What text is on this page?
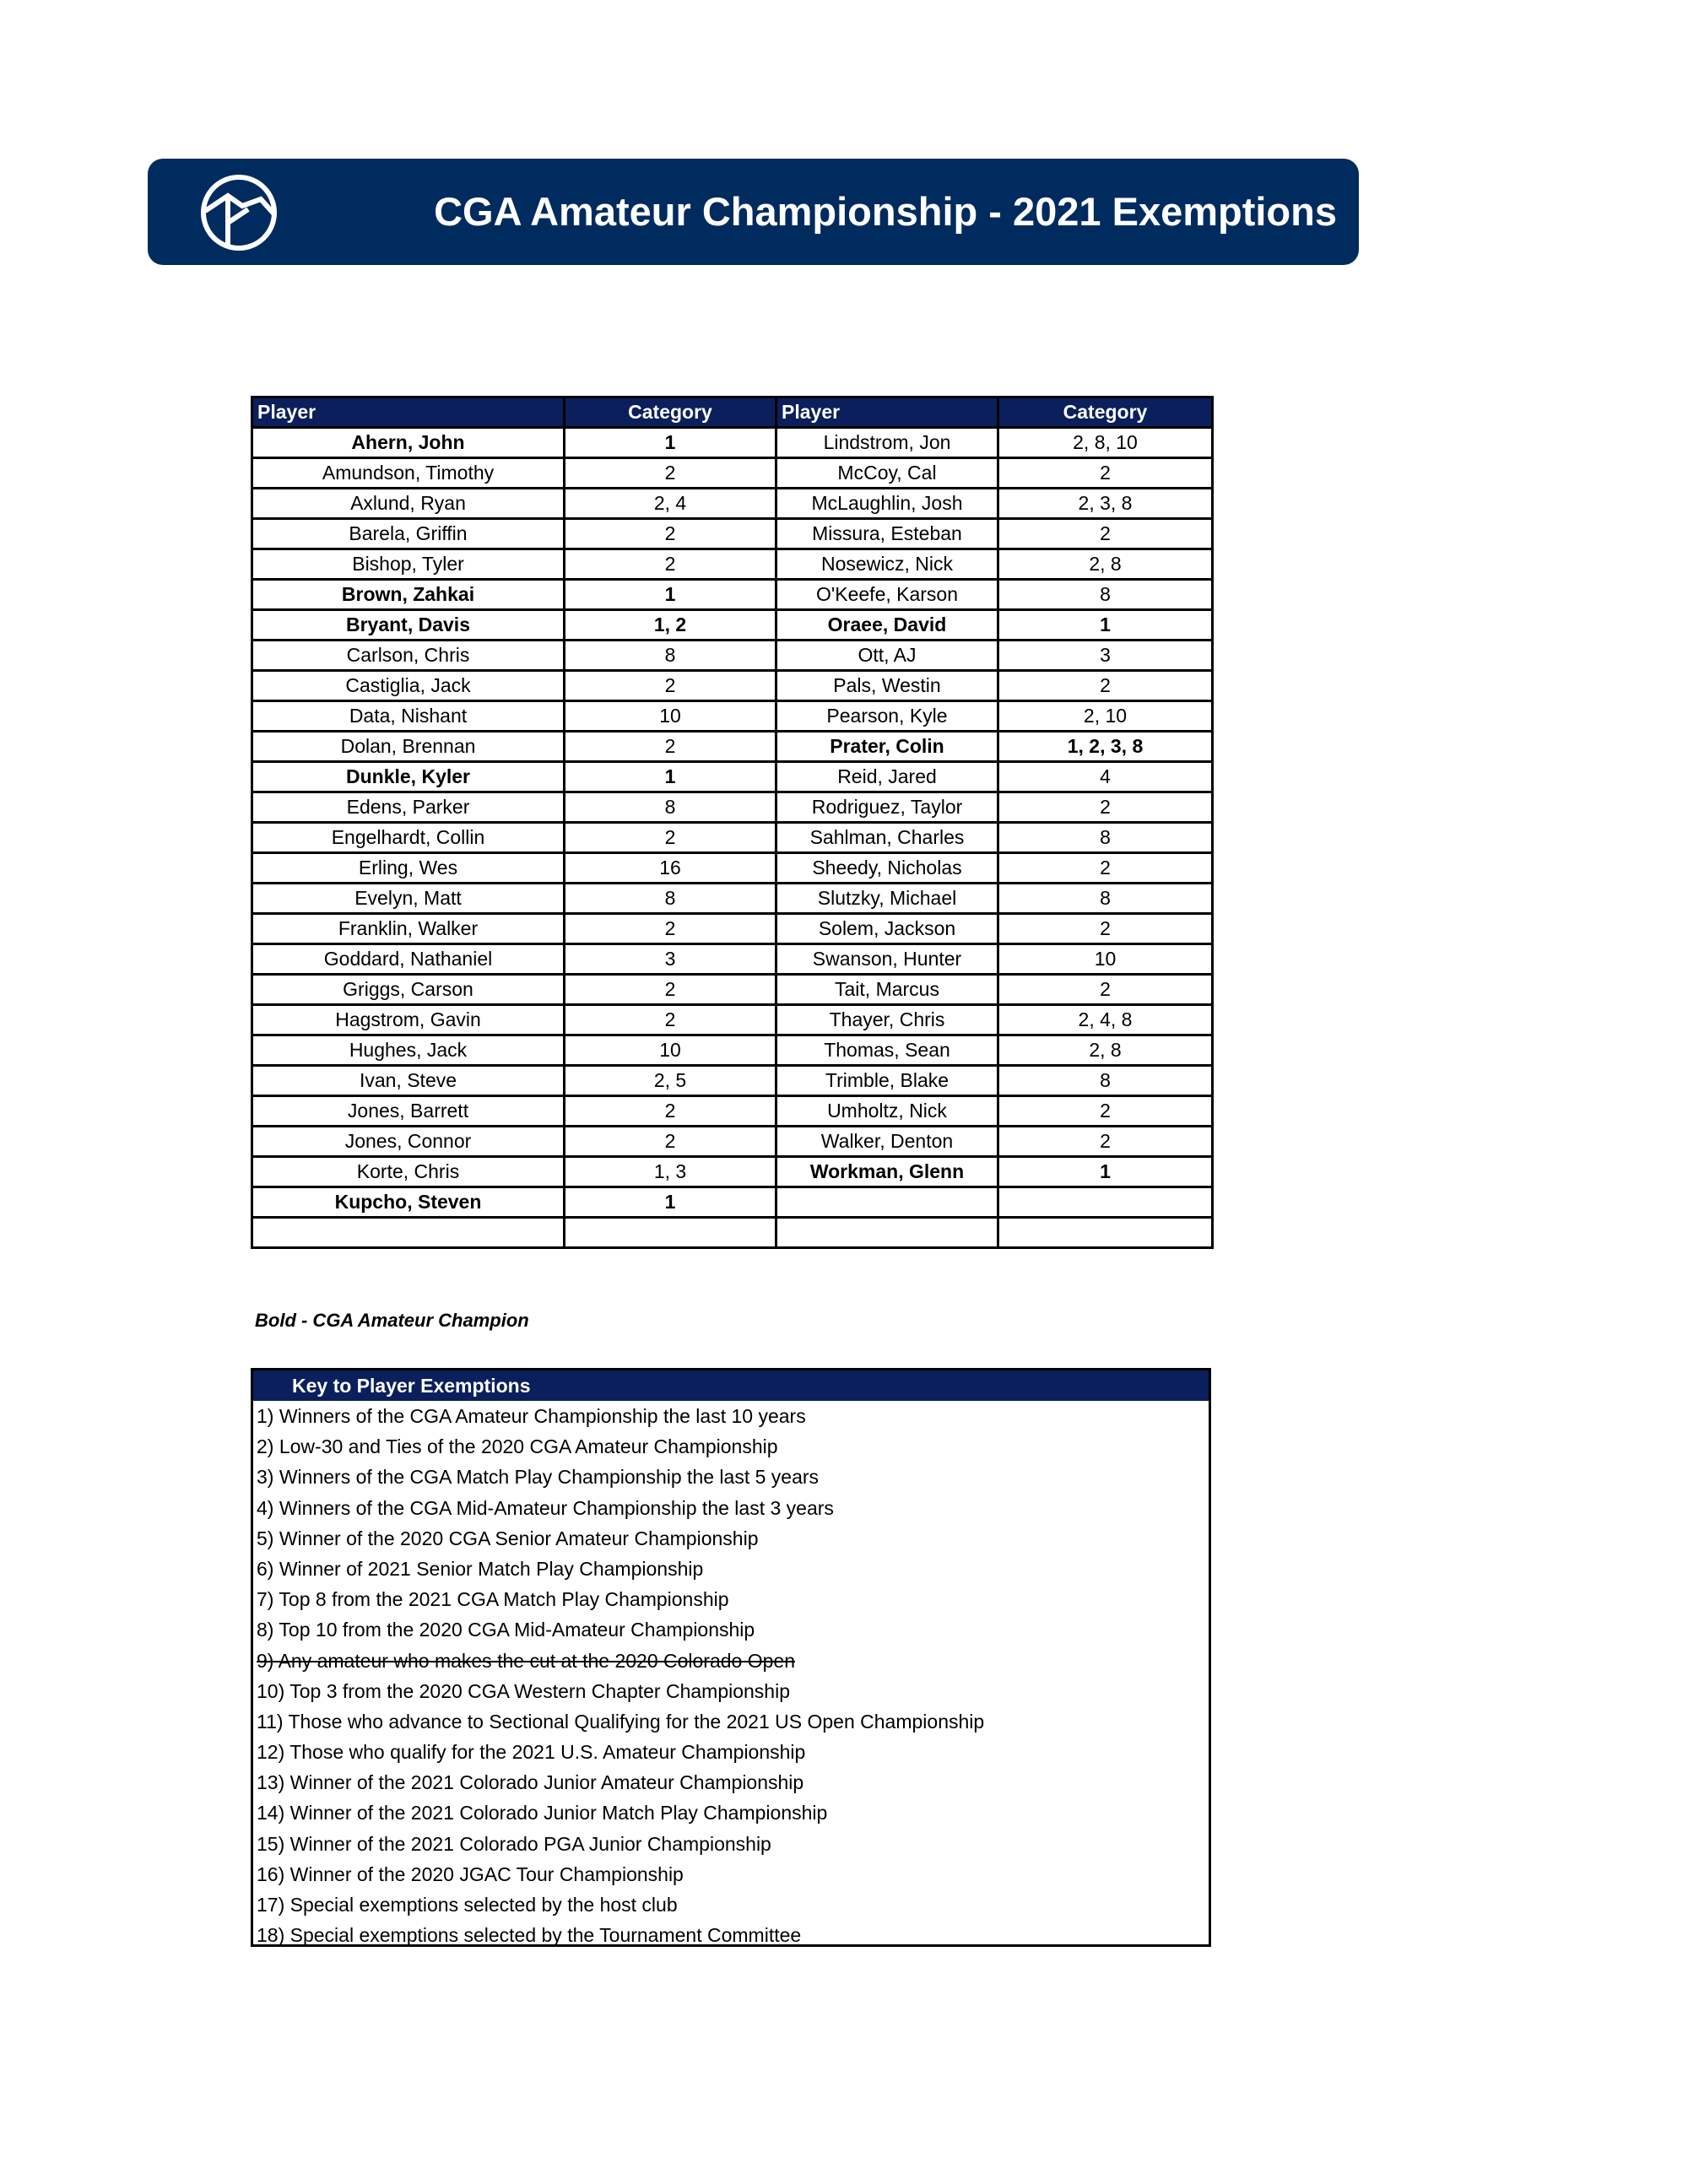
CGA Amateur Championship - 2021 Exemptions
Player	Category	Player	Category
Ahern, John	1	Lindstrom, Jon	2, 8, 10
Amundson, Timothy	2	McCoy, Cal	2
Axlund, Ryan	2, 4	McLaughlin, Josh	2, 3, 8
Barela, Griffin	2	Missura, Esteban	2
Bishop, Tyler	2	Nosewicz, Nick	2, 8
Brown, Zahkai	1	O'Keefe, Karson	8
Bryant, Davis	1, 2	Oraee, David	1
Carlson, Chris	8	Ott, AJ	3
Castiglia, Jack	2	Pals, Westin	2
Data, Nishant	10	Pearson, Kyle	2, 10
Dolan, Brennan	2	Prater, Colin	1, 2, 3, 8
Dunkle, Kyler	1	Reid, Jared	4
Edens, Parker	8	Rodriguez, Taylor	2
Engelhardt, Collin	2	Sahlman, Charles	8
Erling, Wes	16	Sheedy, Nicholas	2
Evelyn, Matt	8	Slutzky, Michael	8
Franklin, Walker	2	Solem, Jackson	2
Goddard, Nathaniel	3	Swanson, Hunter	10
Griggs, Carson	2	Tait, Marcus	2
Hagstrom, Gavin	2	Thayer, Chris	2, 4, 8
Hughes, Jack	10	Thomas, Sean	2, 8
Ivan, Steve	2, 5	Trimble, Blake	8
Jones, Barrett	2	Umholtz, Nick	2
Jones, Connor	2	Walker, Denton	2
Korte, Chris	1, 3	Workman, Glenn	1
Kupcho, Steven	1		

Bold - CGA Amateur Champion
Key to Player Exemptions
1) Winners of the CGA Amateur Championship the last 10 years
2) Low-30 and Ties of the 2020 CGA Amateur Championship
3) Winners of the CGA Match Play Championship the last 5 years
4) Winners of the CGA Mid-Amateur Championship the last 3 years
5) Winner of the 2020 CGA Senior Amateur Championship
6) Winner of 2021 Senior Match Play Championship
7) Top 8 from the 2021 CGA Match Play Championship
8) Top 10 from the 2020 CGA Mid-Amateur Championship
9) Any amateur who makes the cut at the 2020 Colorado Open
10) Top 3 from the 2020 CGA Western Chapter Championship
11) Those who advance to Sectional Qualifying for the 2021 US Open Championship
12) Those who qualify for the 2021 U.S. Amateur Championship
13) Winner of the 2021 Colorado Junior Amateur Championship
14) Winner of the 2021 Colorado Junior Match Play Championship
15) Winner of the 2021 Colorado PGA Junior Championship
16) Winner of the 2020 JGAC Tour Championship
17) Special exemptions selected by the host club
18) Special exemptions selected by the Tournament Committee
